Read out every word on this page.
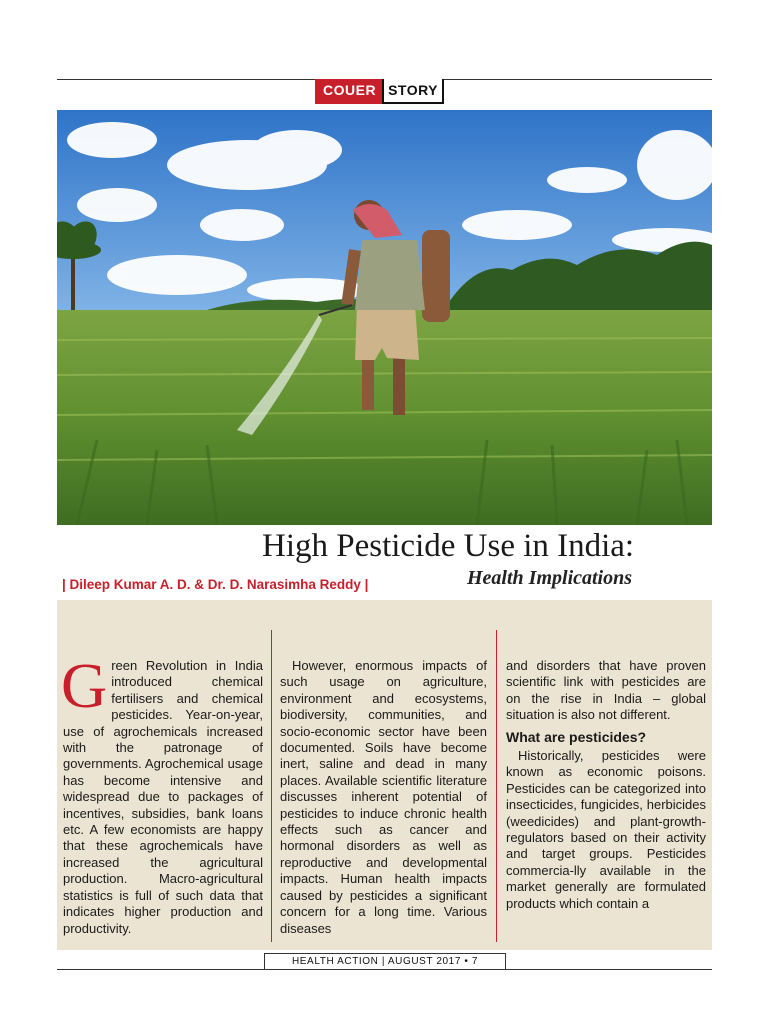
COUER STORY
High Pesticide Use in India:
| Dileep Kumar A. D. & Dr. D. Narasimha Reddy |	Health Implications
G reen Revolution in India introduced chemical fertilisers and chemical pesticides. Year-on-year, use of agrochemicals increased with the patronage of governments. Agrochemical usage has become intensive and widespread due to packages of incentives, subsidies, bank loans etc. A few economists are happy that these agrochemicals have increased the agricultural production. Macro-agricultural statistics is full of such data that indicates higher production and productivity.
However, enormous impacts of such usage on agriculture, environment and ecosystems, biodiversity, communities, and socio-economic sector have been documented. Soils have become inert, saline and dead in many places. Available scientific literature discusses inherent potential of pesticides to induce chronic health effects such as cancer and hormonal disorders as well as reproductive and developmental impacts. Human health impacts caused by pesticides a significant concern for a long time. Various diseases

and disorders that have proven scientific link with pesticides are on the rise in India – global situation is also not different.

What are pesticides?

Historically, pesticides were known as economic poisons. Pesticides can be categorized into insecticides, fungicides, herbicides (weedicides) and plant-growth-regulators based on their activity and target groups. Pesticides commercia-lly available in the market generally are formulated products which contain a

HEALTH ACTION | AUGUST 2017 • 7
